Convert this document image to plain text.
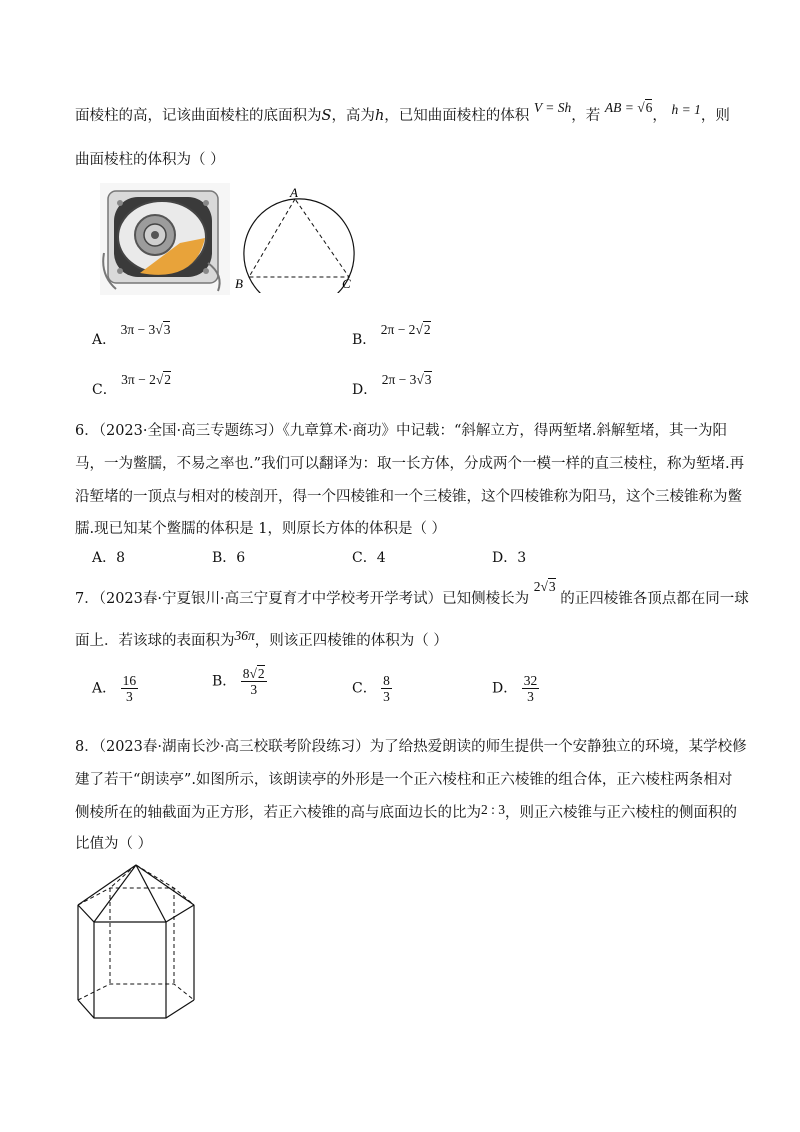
面棱柱的高，记该曲面棱柱的底面积为S，高为h，已知曲面棱柱的体积 V = Sh，若 AB = √6， h = 1，则
曲面棱柱的体积为（ ）
A
B	C
A． 3π − 3√3
B． 2π − 2√2
C． 3π − 2√2
D． 2π − 3√3
6．（2023·全国·高三专题练习）《九章算术·商功》中记载：“斜解立方，得两堑堵.斜解堑堵，其一为阳
马，一为鳖臑，不易之率也.”我们可以翻译为：取一长方体，分成两个一模一样的直三棱柱，称为堑堵.再
沿堑堵的一顶点与相对的棱剖开，得一个四棱锥和一个三棱锥，这个四棱锥称为阳马，这个三棱锥称为鳖
臑.现已知某个鳖臑的体积是 1，则原长方体的体积是（ ）
A．8	B．6	C．4	D．3
7．（2023春·宁夏银川·高三宁夏育才中学校考开学考试）已知侧棱长为 2√3 的正四棱锥各顶点都在同一球
面上．若该球的表面积为36π，则该正四棱锥的体积为（ ）
A． $\frac{16}{3}$	B． $\frac{8√2}{3}$	C． $\frac{8}{3}$	D． $\frac{32}{3}$
8．（2023春·湖南长沙·高三校联考阶段练习）为了给热爱朗读的师生提供一个安静独立的环境，某学校修
建了若干“朗读亭”.如图所示，该朗读亭的外形是一个正六棱柱和正六棱锥的组合体，正六棱柱两条相对
侧棱所在的轴截面为正方形，若正六棱锥的高与底面边长的比为2 : 3，则正六棱锥与正六棱柱的侧面积的
比值为（ ）
